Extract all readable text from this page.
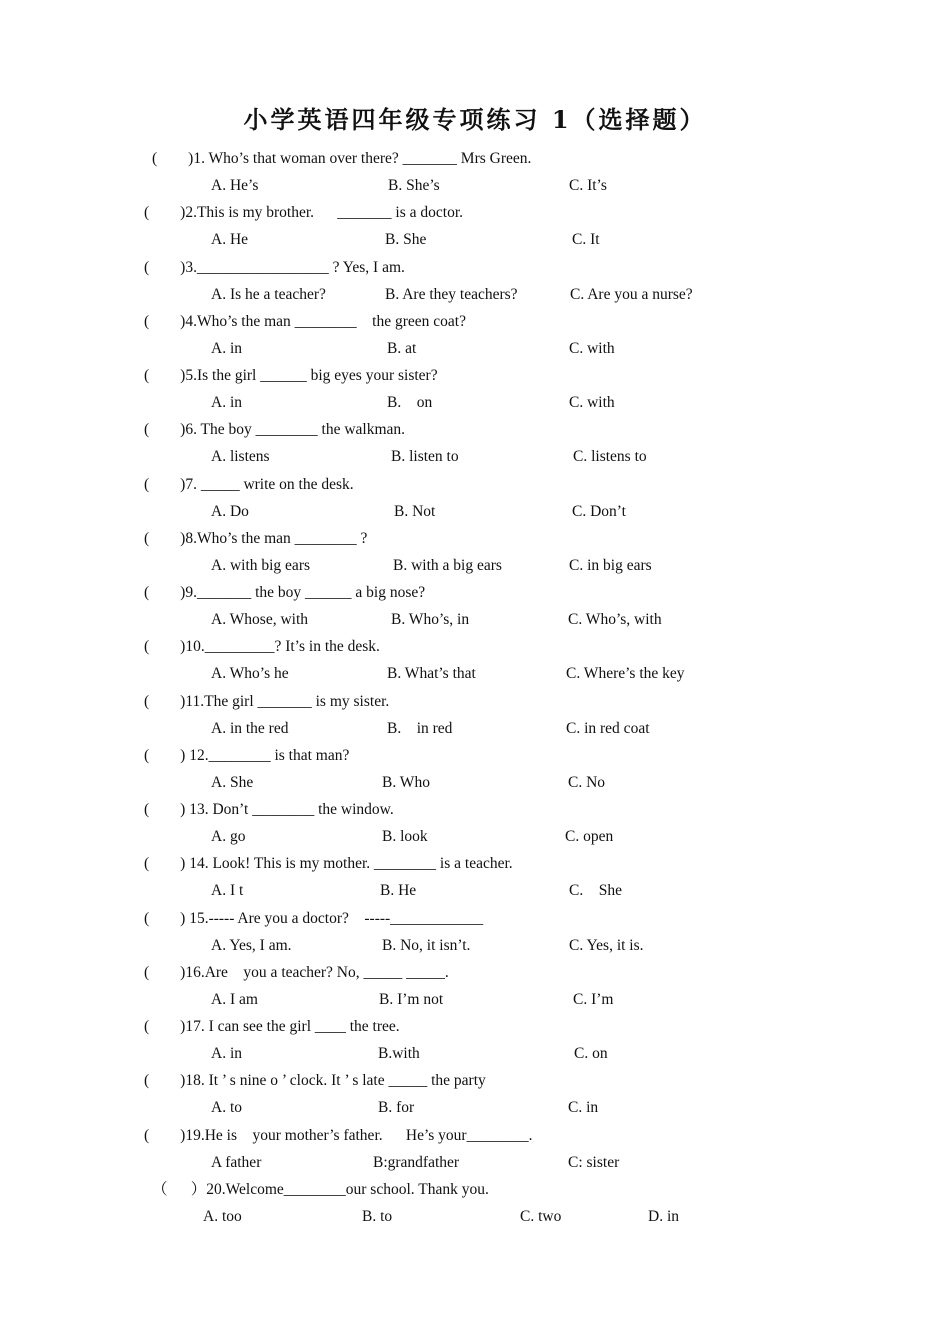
小学英语四年级专项练习 1（选择题）
(        )1. Who’s that woman over there? _______ Mrs Green.
A. He’s	B. She’s	C. It’s
(        )2.This is my brother.      _______ is a doctor.
A. He	B. She	C. It
(        )3._________________ ? Yes, I am.
A. Is he a teacher?	B. Are they teachers?	C. Are you a nurse?
(        )4.Who’s the man ________    the green coat?
A. in	B. at	C. with
(        )5.Is the girl ______ big eyes your sister?
A. in	B.    on	C. with
(        )6. The boy ________ the walkman.
A. listens	B. listen to	C. listens to
(        )7. _____ write on the desk.
A. Do	B. Not	C. Don’t
(        )8.Who’s the man ________ ?
A. with big ears	B. with a big ears	C. in big ears
(        )9._______ the boy ______ a big nose?
A. Whose, with	B. Who’s, in	C. Who’s, with
(        )10._________? It’s in the desk.
A. Who’s he	B. What’s that	C. Where’s the key
(        )11.The girl _______ is my sister.
A. in the red	B.    in red	C. in red coat
(        ) 12.________ is that man?
A. She	B. Who	C. No
(        ) 13. Don’t ________ the window.
A. go	B. look	C. open
(        ) 14. Look! This is my mother. ________ is a teacher.
A. I t	B. He	C.    She
(        ) 15.----- Are you a doctor?    -----____________
A. Yes, I am.	B. No, it isn’t.	C. Yes, it is.
(        )16.Are    you a teacher? No, _____ _____.
A. I am	B. I’m not	C. I’m
(        )17. I can see the girl ____ the tree.
A. in	B.with	C. on
(        )18. It ’ s nine o ’ clock. It ’ s late _____ the party
A. to	B. for	C. in
(        )19.He is    your mother’s father.      He’s your________.
A father	B:grandfather	C: sister
（      ）20.Welcome________our school. Thank you.
A. too	B. to	C. two	D. in
